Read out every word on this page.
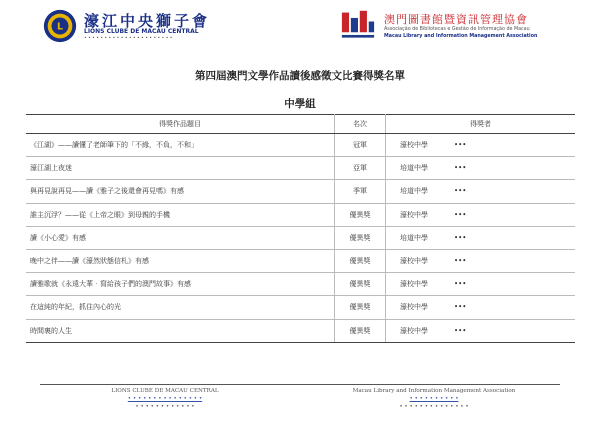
L 濠江中央獅子會
LIONS CLUBE DE MACAU CENTRAL
• • • • • • • • • • • • • • • • • • • • • •
澳門圖書館暨資訊管理協會
Associação de Bibliotecas e Gestão de Informação de Macau
Macau Library and Information Management Association
第四屆澳門文學作品讀後感徵文比賽得獎名單
中學組
得獎作品題目	名次	得獎者
《江湖》——讀懂了老師筆下的「不緣，不負，不和」	冠軍	濠校中學 •••
濠江湖上夜迷	亞軍	培道中學 •••
與再見說再見——讀《雅子之後還會再見嗎》有感	季軍	培道中學 •••
誰主沉浮？——從《上帝之眼》到母親的手機	優異獎	濠校中學 •••
讀《小心愛》有感	優異獎	培道中學 •••
晚中之伴——讀《濠然狀態信札》有感	優異獎	濠校中學 •••
讀雅歌就《永遠大華‧寫給孩子們的澳門故事》有感	優異獎	濠校中學 •••
在這純的年紀，抓住內心的光	優異獎	濠校中學 •••
時間裏的人生	優異獎	濠校中學 •••
LIONS CLUBE DE MACAU CENTRAL
• • • • • • • • • • • • • • •
• • • • • • • • • • • •
Macau Library and Information Management Association
• • • • • • • • • •
• • • • • • • • • • • • • •
